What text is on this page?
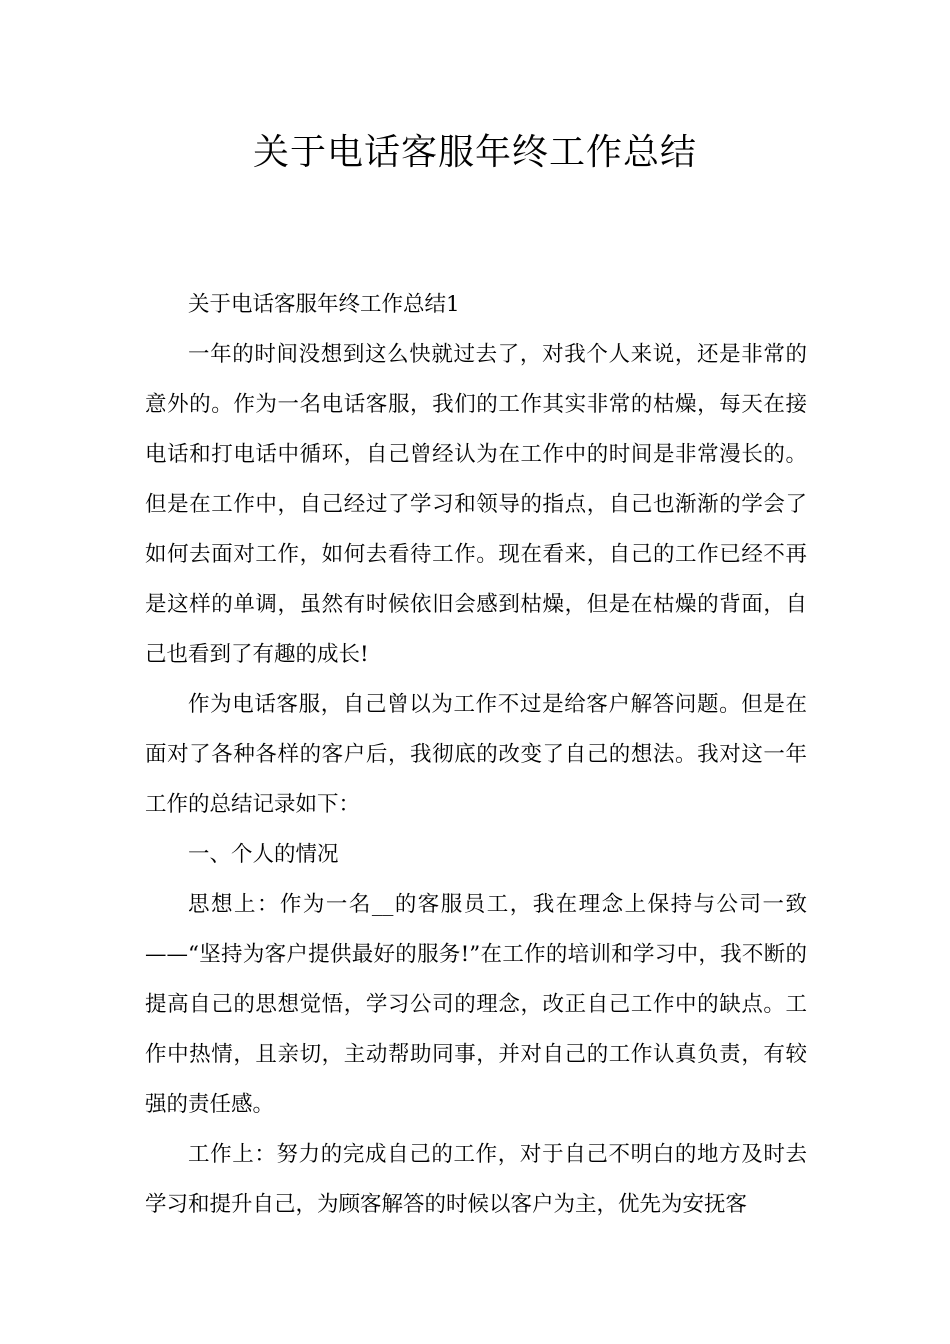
关于电话客服年终工作总结

关于电话客服年终工作总结1

一年的时间没想到这么快就过去了，对我个人来说，还是非常的意外的。作为一名电话客服，我们的工作其实非常的枯燥，每天在接电话和打电话中循环，自己曾经认为在工作中的时间是非常漫长的。但是在工作中，自己经过了学习和领导的指点，自己也渐渐的学会了如何去面对工作，如何去看待工作。现在看来，自己的工作已经不再是这样的单调，虽然有时候依旧会感到枯燥，但是在枯燥的背面，自己也看到了有趣的成长!

作为电话客服，自己曾以为工作不过是给客户解答问题。但是在面对了各种各样的客户后，我彻底的改变了自己的想法。我对这一年工作的总结记录如下：

一、个人的情况

思想上：作为一名__的客服员工，我在理念上保持与公司一致——“坚持为客户提供最好的服务!”在工作的培训和学习中，我不断的提高自己的思想觉悟，学习公司的理念，改正自己工作中的缺点。工作中热情，且亲切，主动帮助同事，并对自己的工作认真负责，有较强的责任感。

工作上：努力的完成自己的工作，对于自己不明白的地方及时去学习和提升自己，为顾客解答的时候以客户为主，优先为安抚客
